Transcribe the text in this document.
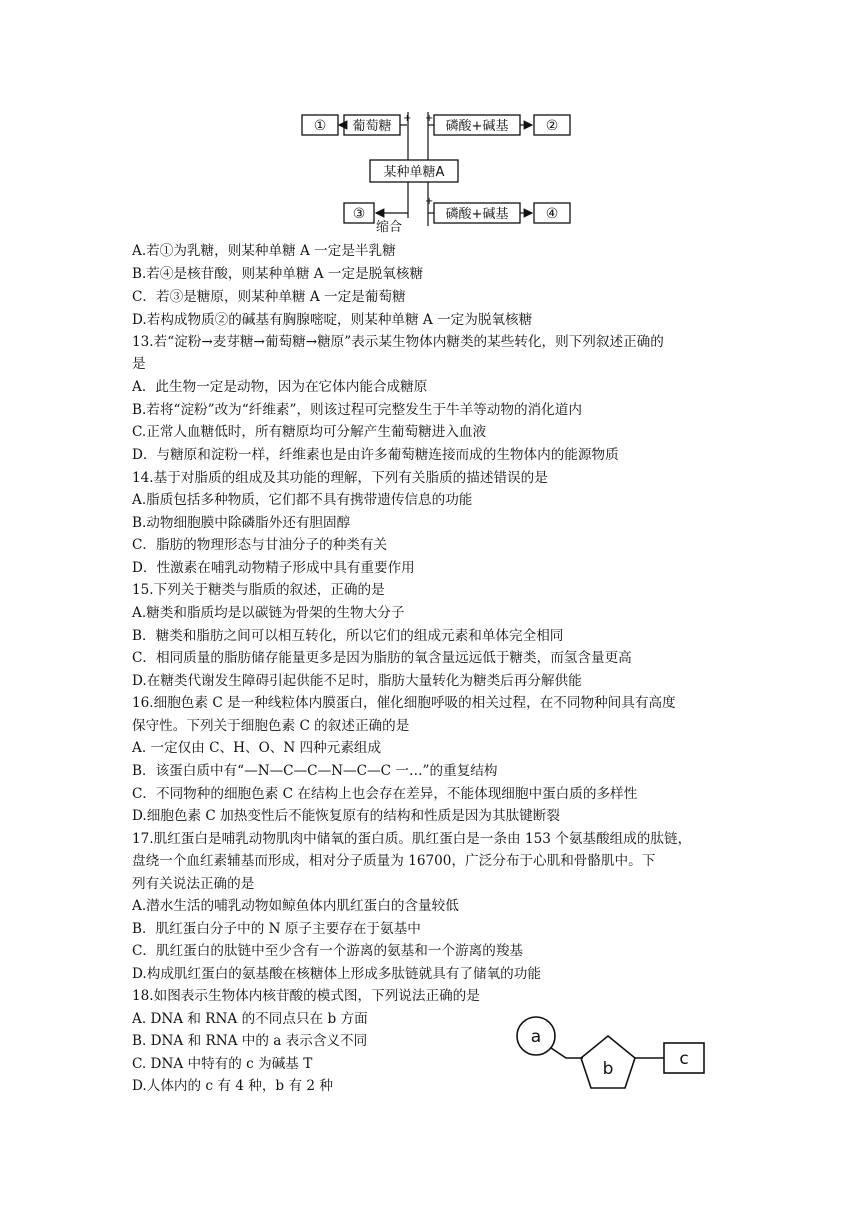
① 葡萄糖	磷酸+碱基	②
+ +
某种单糖A
③
缩合
+
磷酸+碱基	④
A.若①为乳糖，则某种单糖 A 一定是半乳糖
B.若④是核苷酸，则某种单糖 A 一定是脱氧核糖
C．若③是糖原，则某种单糖 A 一定是葡萄糖
D.若构成物质②的碱基有胸腺嘧啶，则某种单糖 A 一定为脱氧核糖
13.若“淀粉→麦芽糖→葡萄糖→糖原”表示某生物体内糖类的某些转化，则下列叙述正确的
是
A．此生物一定是动物，因为在它体内能合成糖原
B.若将“淀粉”改为“纤维素”，则该过程可完整发生于牛羊等动物的消化道内
C.正常人血糖低时，所有糖原均可分解产生葡萄糖进入血液
D．与糖原和淀粉一样，纤维素也是由许多葡萄糖连接而成的生物体内的能源物质
14.基于对脂质的组成及其功能的理解，下列有关脂质的描述错误的是
A.脂质包括多种物质，它们都不具有携带遗传信息的功能
B.动物细胞膜中除磷脂外还有胆固醇
C．脂肪的物理形态与甘油分子的种类有关
D．性激素在哺乳动物精子形成中具有重要作用
15.下列关于糖类与脂质的叙述，正确的是
A.糖类和脂质均是以碳链为骨架的生物大分子
B．糖类和脂肪之间可以相互转化，所以它们的组成元素和单体完全相同
C．相同质量的脂肪储存能量更多是因为脂肪的氧含量远远低于糖类，而氢含量更高
D.在糖类代谢发生障碍引起供能不足时，脂肪大量转化为糖类后再分解供能
16.细胞色素 C 是一种线粒体内膜蛋白，催化细胞呼吸的相关过程，在不同物种间具有高度
保守性。下列关于细胞色素 C 的叙述正确的是
A. 一定仅由 C、H、O、N 四种元素组成
B．该蛋白质中有“—N—C—C—N—C—C 一…”的重复结构
C．不同物种的细胞色素 C 在结构上也会存在差异，不能体现细胞中蛋白质的多样性
D.细胞色素 C 加热变性后不能恢复原有的结构和性质是因为其肽键断裂
17.肌红蛋白是哺乳动物肌肉中储氧的蛋白质。肌红蛋白是一条由 153 个氨基酸组成的肽链，
盘绕一个血红素辅基而形成，相对分子质量为 16700，广泛分布于心肌和骨骼肌中。下
列有关说法正确的是
A.潜水生活的哺乳动物如鲸鱼体内肌红蛋白的含量较低
B．肌红蛋白分子中的 N 原子主要存在于氨基中
C．肌红蛋白的肽链中至少含有一个游离的氨基和一个游离的羧基
D.构成肌红蛋白的氨基酸在核糖体上形成多肽链就具有了储氧的功能
18.如图表示生物体内核苷酸的模式图，下列说法正确的是
A. DNA 和 RNA 的不同点只在 b 方面
B. DNA 和 RNA 中的 a 表示含义不同
C. DNA 中特有的 c 为碱基 T
D.人体内的 c 有 4 种，b 有 2 种
a
b	c
